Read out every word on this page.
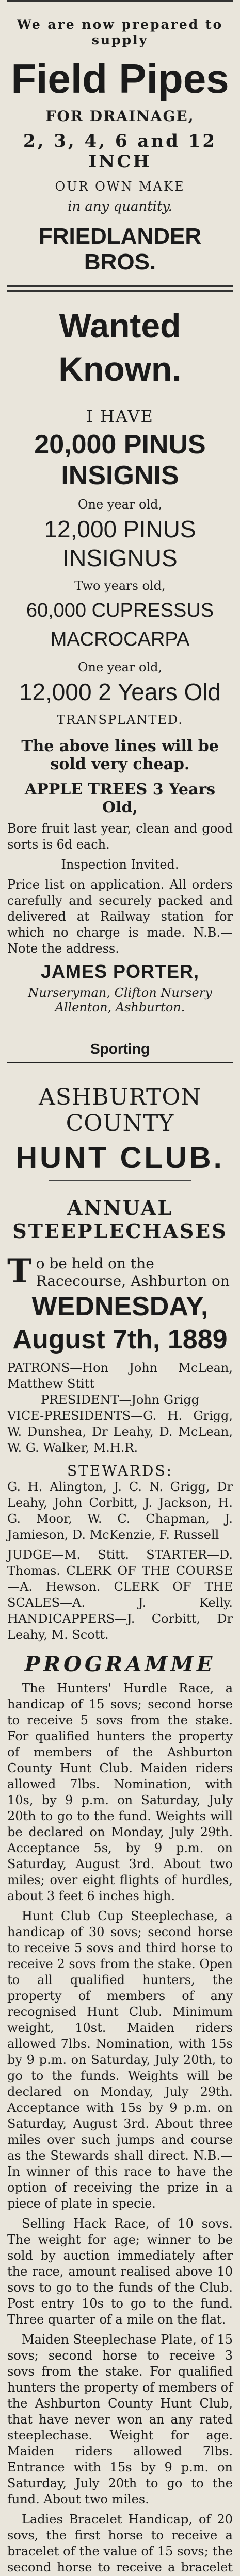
We are now prepared to supply

Field Pipes

FOR DRAINAGE,

2, 3, 4, 6 and 12 INCH

OUR OWN MAKE

in any quantity.

FRIEDLANDER BROS.

Wanted Known.

I HAVE

20,000 PINUS INSIGNIS

One year old,

12,000 PINUS INSIGNUS

Two years old,

60,000 CUPRESSUS MACROCARPA

One year old,

12,000 2 Years Old

TRANSPLANTED.

The above lines will be sold very cheap.

APPLE TREES 3 Years Old,

Bore fruit last year, clean and good sorts is 6d each.

Inspection Invited.

Price list on application. All orders carefully and securely packed and delivered at Railway station for which no charge is made. N.B.—Note the address.

JAMES PORTER,

Nurseryman, Clifton Nursery Allenton, Ashburton.

Sporting

ASHBURTON COUNTY

HUNT CLUB.

ANNUAL STEEPLECHASES

To be held on the Racecourse, Ashburton on

WEDNESDAY, August 7th, 1889

PATRONS—Hon John McLean, Matthew Stitt

PRESIDENT—John Grigg

VICE-PRESIDENTS—G. H. Grigg, W. Dunshea, Dr Leahy, D. McLean, W. G. Walker, M.H.R.

STEWARDS:

G. H. Alington, J. C. N. Grigg, Dr Leahy, John Corbitt, J. Jackson, H. G. Moor, W. C. Chapman, J. Jamieson, D. McKenzie, F. Russell

JUDGE—M. Stitt. STARTER—D. Thomas. CLERK OF THE COURSE—A. Hewson. CLERK OF THE SCALES—A. J. Kelly. HANDICAPPERS—J. Corbitt, Dr Leahy, M. Scott.

PROGRAMME

The Hunters' Hurdle Race, a handicap of 15 sovs; second horse to receive 5 sovs from the stake. For qualified hunters the property of members of the Ashburton County Hunt Club. Maiden riders allowed 7lbs. Nomination, with 10s, by 9 p.m. on Saturday, July 20th to go to the fund. Weights will be declared on Monday, July 29th. Acceptance 5s, by 9 p.m. on Saturday, August 3rd. About two miles; over eight flights of hurdles, about 3 feet 6 inches high.

Hunt Club Cup Steeplechase, a handicap of 30 sovs; second horse to receive 5 sovs and third horse to receive 2 sovs from the stake. Open to all qualified hunters, the property of members of any recognised Hunt Club. Minimum weight, 10st. Maiden riders allowed 7lbs. Nomination, with 15s by 9 p.m. on Saturday, July 20th, to go to the funds. Weights will be declared on Monday, July 29th. Acceptance with 15s by 9 p.m. on Saturday, August 3rd. About three miles over such jumps and course as the Stewards shall direct. N.B.—In winner of this race to have the option of receiving the prize in a piece of plate in specie.

Selling Hack Race, of 10 sovs. The weight for age; winner to be sold by auction immediately after the race, amount realised above 10 sovs to go to the funds of the Club. Post entry 10s to go to the fund. Three quarter of a mile on the flat.

Maiden Steeplechase Plate, of 15 sovs; second horse to receive 3 sovs from the stake. For qualified hunters the property of members of the Ashburton County Hunt Club, that have never won an any rated steeplechase. Weight for age. Maiden riders allowed 7lbs. Entrance with 15s by 9 p.m. on Saturday, July 20th to go to the fund. About two miles.

Ladies Bracelet Handicap, of 20 sovs, the first horse to receive a bracelet of the value of 15 sovs; the second horse to receive a bracelet
